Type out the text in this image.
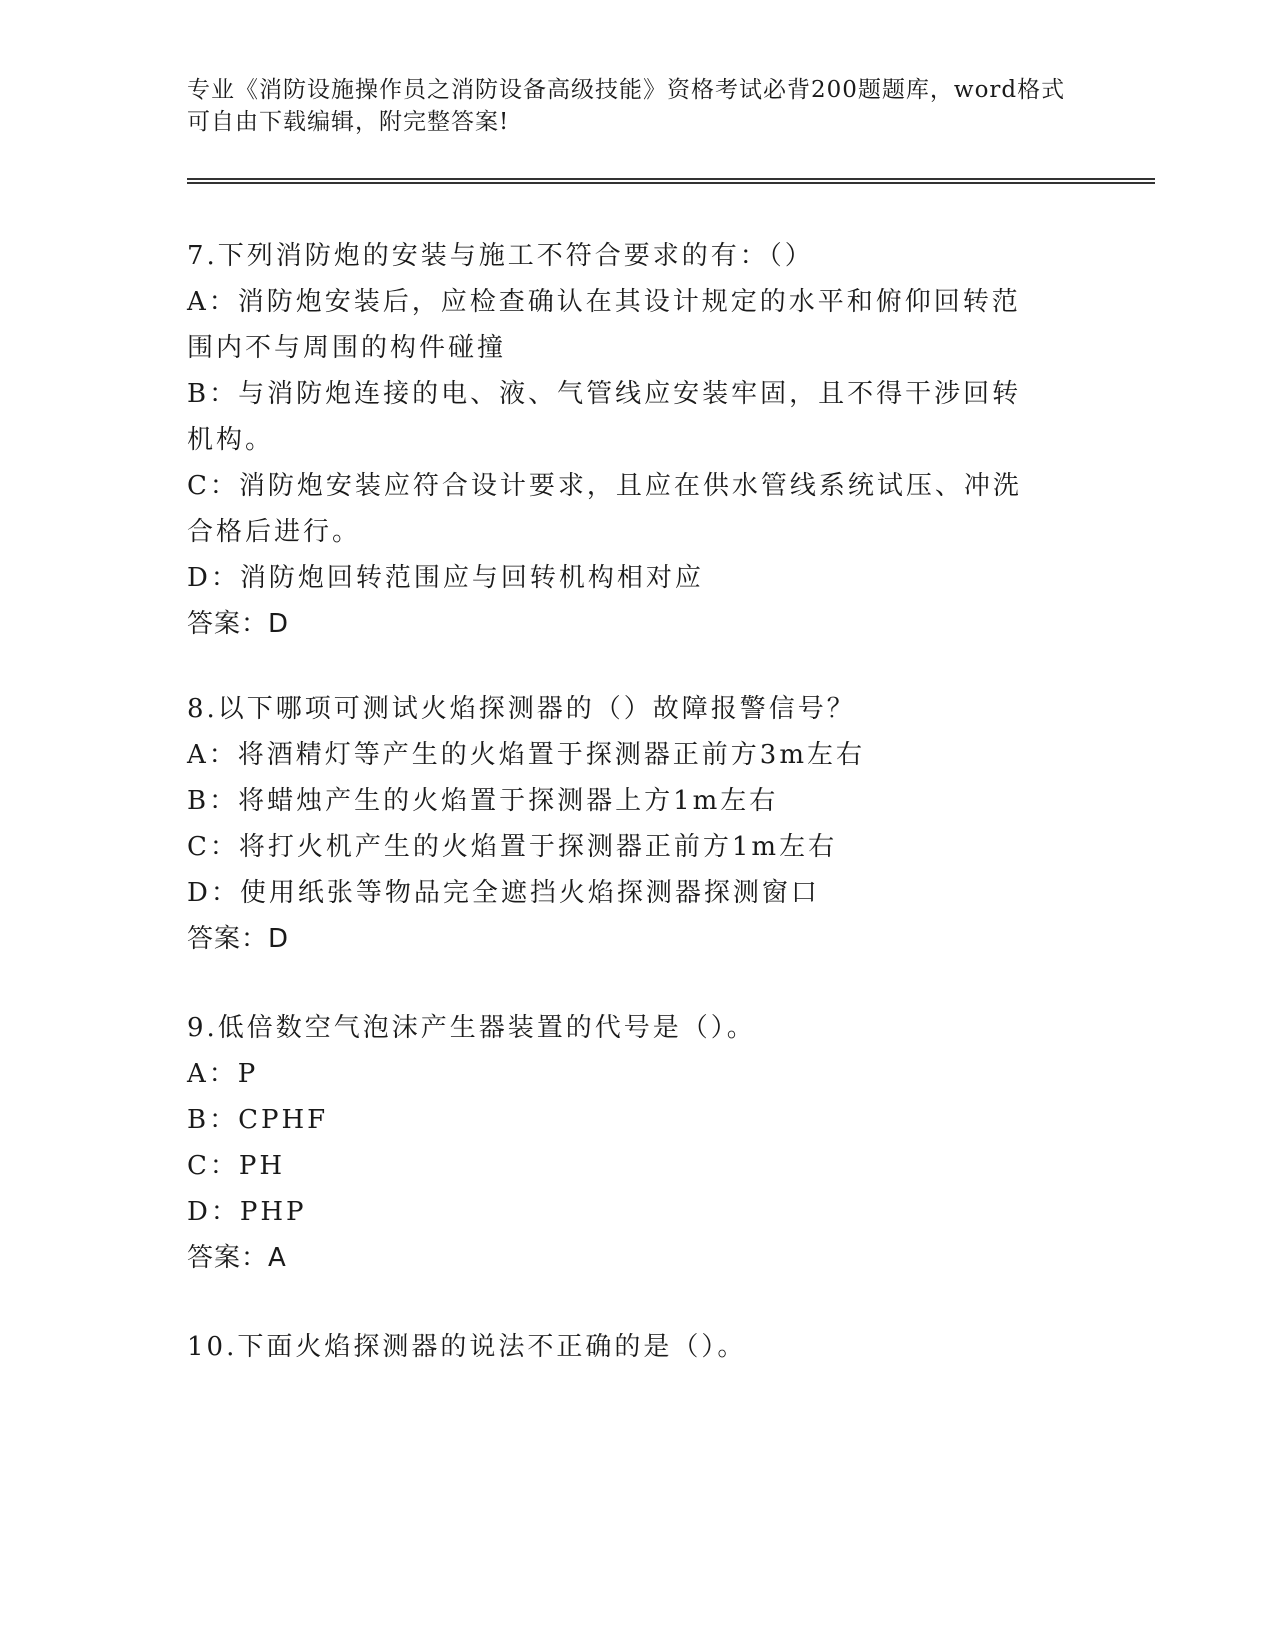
专业《消防设施操作员之消防设备高级技能》资格考试必背200题题库，word格式可自由下载编辑，附完整答案!
7.下列消防炮的安装与施工不符合要求的有：（）
A：消防炮安装后，应检查确认在其设计规定的水平和俯仰回转范围内不与周围的构件碰撞
B：与消防炮连接的电、液、气管线应安装牢固，且不得干涉回转机构。
C：消防炮安装应符合设计要求，且应在供水管线系统试压、冲洗合格后进行。
D：消防炮回转范围应与回转机构相对应
答案：D
8.以下哪项可测试火焰探测器的（）故障报警信号？
A：将酒精灯等产生的火焰置于探测器正前方3m左右
B：将蜡烛产生的火焰置于探测器上方1m左右
C：将打火机产生的火焰置于探测器正前方1m左右
D：使用纸张等物品完全遮挡火焰探测器探测窗口
答案：D
9.低倍数空气泡沫产生器装置的代号是（）。
A：P
B：CPHF
C：PH
D：PHP
答案：A
10.下面火焰探测器的说法不正确的是（）。
